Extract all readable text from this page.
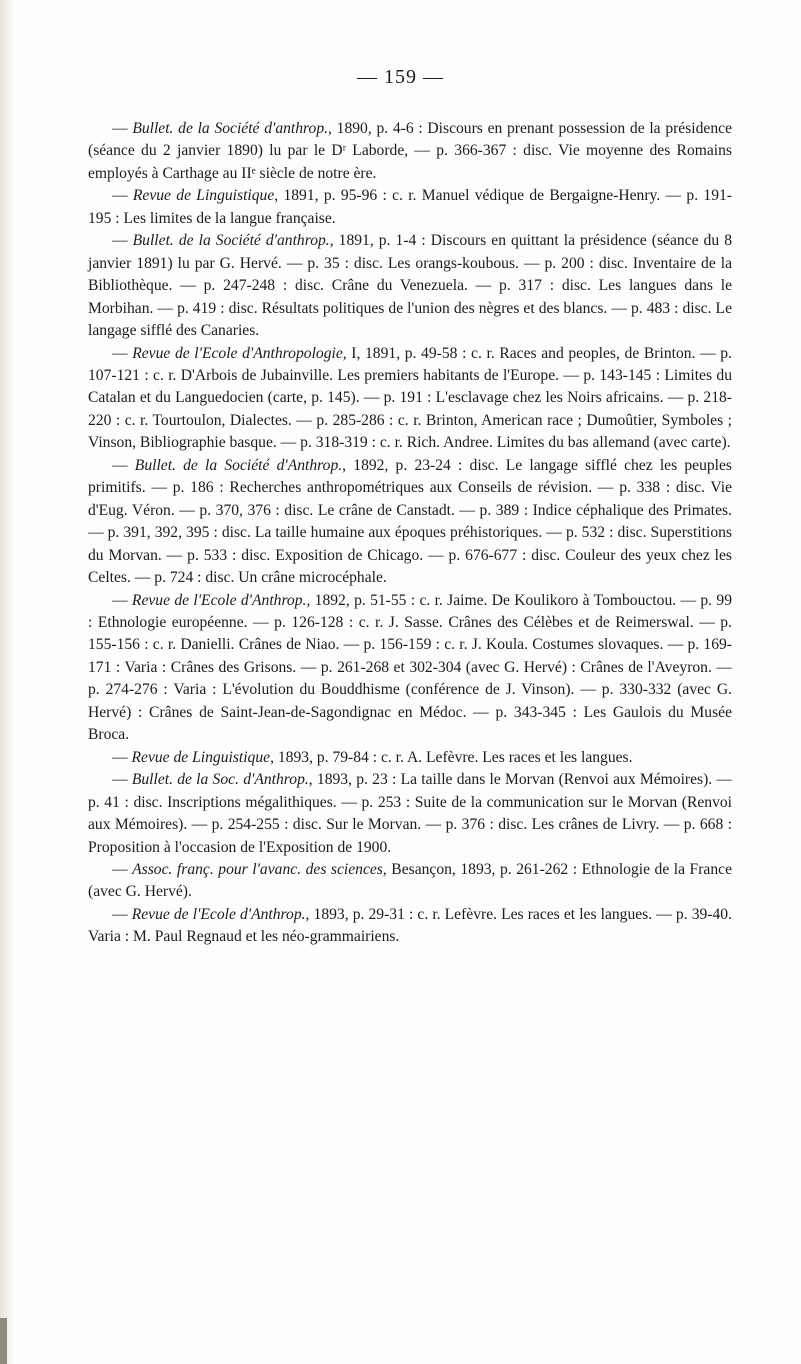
— 159 —

— Bullet. de la Société d'anthrop., 1890, p. 4-6 : Discours en prenant possession de la présidence (séance du 2 janvier 1890) lu par le Dʳ Laborde, — p. 366-367 : disc. Vie moyenne des Romains employés à Carthage au IIᵉ siècle de notre ère.

— Revue de Linguistique, 1891, p. 95-96 : c. r. Manuel védique de Bergaigne-Henry. — p. 191-195 : Les limites de la langue française.

— Bullet. de la Société d'anthrop., 1891, p. 1-4 : Discours en quittant la présidence (séance du 8 janvier 1891) lu par G. Hervé. — p. 35 : disc. Les orangs-koubous. — p. 200 : disc. Inventaire de la Bibliothèque. — p. 247-248 : disc. Crâne du Venezuela. — p. 317 : disc. Les langues dans le Morbihan. — p. 419 : disc. Résultats politiques de l'union des nègres et des blancs. — p. 483 : disc. Le langage sifflé des Canaries.

— Revue de l'Ecole d'Anthropologie, I, 1891, p. 49-58 : c. r. Races and peoples, de Brinton. — p. 107-121 : c. r. D'Arbois de Jubainville. Les premiers habitants de l'Europe. — p. 143-145 : Limites du Catalan et du Languedocien (carte, p. 145). — p. 191 : L'esclavage chez les Noirs africains. — p. 218-220 : c. r. Tourtoulon, Dialectes. — p. 285-286 : c. r. Brinton, American race ; Dumoûtier, Symboles ; Vinson, Bibliographie basque. — p. 318-319 : c. r. Rich. Andree. Limites du bas allemand (avec carte).

— Bullet. de la Société d'Anthrop., 1892, p. 23-24 : disc. Le langage sifflé chez les peuples primitifs. — p. 186 : Recherches anthropométriques aux Conseils de révision. — p. 338 : disc. Vie d'Eug. Véron. — p. 370, 376 : disc. Le crâne de Canstadt. — p. 389 : Indice céphalique des Primates. — p. 391, 392, 395 : disc. La taille humaine aux époques préhistoriques. — p. 532 : disc. Superstitions du Morvan. — p. 533 : disc. Exposition de Chicago. — p. 676-677 : disc. Couleur des yeux chez les Celtes. — p. 724 : disc. Un crâne microcéphale.

— Revue de l'Ecole d'Anthrop., 1892, p. 51-55 : c. r. Jaime. De Koulikoro à Tombouctou. — p. 99 : Ethnologie européenne. — p. 126-128 : c. r. J. Sasse. Crânes des Célèbes et de Reimerswal. — p. 155-156 : c. r. Danielli. Crânes de Niao. — p. 156-159 : c. r. J. Koula. Costumes slovaques. — p. 169-171 : Varia : Crânes des Grisons. — p. 261-268 et 302-304 (avec G. Hervé) : Crânes de l'Aveyron. — p. 274-276 : Varia : L'évolution du Bouddhisme (conférence de J. Vinson). — p. 330-332 (avec G. Hervé) : Crânes de Saint-Jean-de-Sagondignac en Médoc. — p. 343-345 : Les Gaulois du Musée Broca.

— Revue de Linguistique, 1893, p. 79-84 : c. r. A. Lefèvre. Les races et les langues.

— Bullet. de la Soc. d'Anthrop., 1893, p. 23 : La taille dans le Morvan (Renvoi aux Mémoires). — p. 41 : disc. Inscriptions mégalithiques. — p. 253 : Suite de la communication sur le Morvan (Renvoi aux Mémoires). — p. 254-255 : disc. Sur le Morvan. — p. 376 : disc. Les crânes de Livry. — p. 668 : Proposition à l'occasion de l'Exposition de 1900.

— Assoc. franç. pour l'avanc. des sciences, Besançon, 1893, p. 261-262 : Ethnologie de la France (avec G. Hervé).

— Revue de l'Ecole d'Anthrop., 1893, p. 29-31 : c. r. Lefèvre. Les races et les langues. — p. 39-40. Varia : M. Paul Regnaud et les néo-grammairiens.
